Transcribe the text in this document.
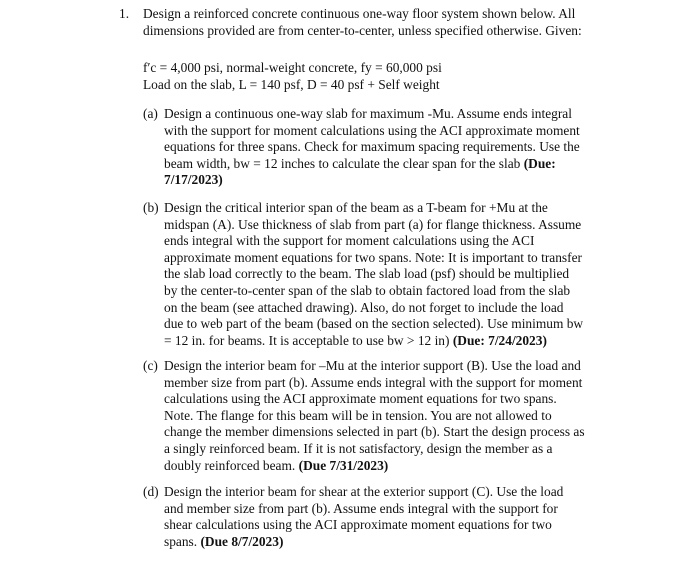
1. Design a reinforced concrete continuous one-way floor system shown below. All
dimensions provided are from center-to-center, unless specified otherwise. Given:
f′c = 4,000 psi, normal-weight concrete, fy = 60,000 psi
Load on the slab, L = 140 psf, D = 40 psf + Self weight
(a) Design a continuous one-way slab for maximum -Mu. Assume ends integral
with the support for moment calculations using the ACI approximate moment
equations for three spans. Check for maximum spacing requirements. Use the
beam width, bw = 12 inches to calculate the clear span for the slab (Due:
7/17/2023)
(b) Design the critical interior span of the beam as a T-beam for +Mu at the
midspan (A). Use thickness of slab from part (a) for flange thickness. Assume
ends integral with the support for moment calculations using the ACI
approximate moment equations for two spans. Note: It is important to transfer
the slab load correctly to the beam. The slab load (psf) should be multiplied
by the center-to-center span of the slab to obtain factored load from the slab
on the beam (see attached drawing). Also, do not forget to include the load
due to web part of the beam (based on the section selected). Use minimum bw
= 12 in. for beams. It is acceptable to use bw > 12 in) (Due: 7/24/2023)
(c) Design the interior beam for –Mu at the interior support (B). Use the load and
member size from part (b). Assume ends integral with the support for moment
calculations using the ACI approximate moment equations for two spans.
Note. The flange for this beam will be in tension. You are not allowed to
change the member dimensions selected in part (b). Start the design process as
a singly reinforced beam. If it is not satisfactory, design the member as a
doubly reinforced beam. (Due 7/31/2023)
(d) Design the interior beam for shear at the exterior support (C). Use the load
and member size from part (b). Assume ends integral with the support for
shear calculations using the ACI approximate moment equations for two
spans. (Due 8/7/2023)
